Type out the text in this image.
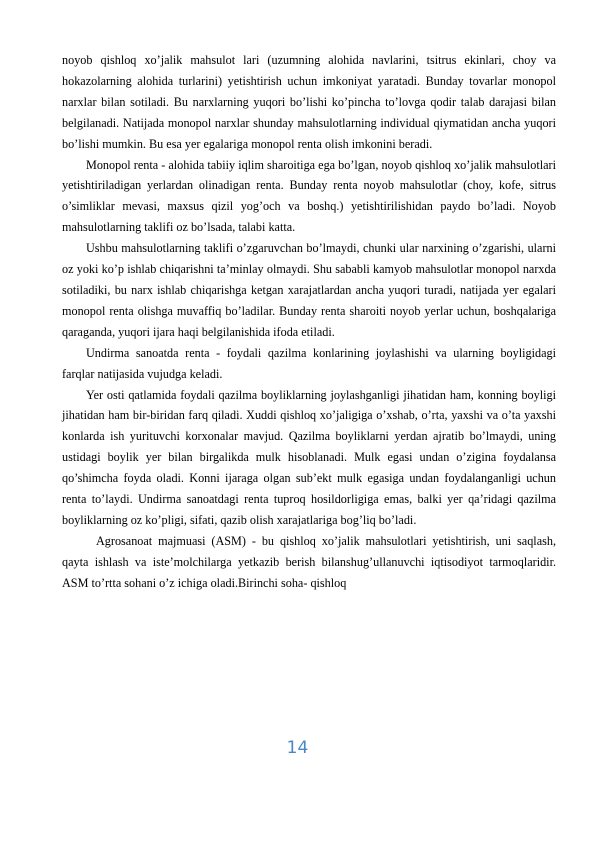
noyob qishloq xo’jalik mahsulot lari (uzumning alohida navlarini, tsitrus ekinlari, choy va hokazolarning alohida turlarini) yetishtirish uchun imkoniyat yaratadi. Bunday tovarlar monopol narxlar bilan sotiladi. Bu narxlarning yuqori bo’lishi ko’pincha to’lovga qodir talab darajasi bilan belgilanadi. Natijada monopol narxlar shunday mahsulotlarning individual qiymatidan ancha yuqori bo’lishi mumkin. Bu esa yer egalariga monopol renta olish imkonini beradi.

Monopol renta - alohida tabiiy iqlim sharoitiga ega bo’lgan, noyob qishloq xo’jalik mahsulotlari yetishtiriladigan yerlardan olinadigan renta. Bunday renta noyob mahsulotlar (choy, kofe, sitrus o’simliklar mevasi, maxsus qizil yog’och va boshq.) yetishtirilishidan paydo bo’ladi. Noyob mahsulotlarning taklifi oz bo’lsada, talabi katta.

Ushbu mahsulotlarning taklifi o’zgaruvchan bo’lmaydi, chunki ular narxining o’zgarishi, ularni oz yoki ko’p ishlab chiqarishni ta’minlay olmaydi. Shu sababli kamyob mahsulotlar monopol narxda sotiladiki, bu narx ishlab chiqarishga ketgan xarajatlardan ancha yuqori turadi, natijada yer egalari monopol renta olishga muvaffiq bo’ladilar. Bunday renta sharoiti noyob yerlar uchun, boshqalariga qaraganda, yuqori ijara haqi belgilanishida ifoda etiladi.

Undirma sanoatda renta - foydali qazilma konlarining joylashishi va ularning boyligidagi farqlar natijasida vujudga keladi.

Yer osti qatlamida foydali qazilma boyliklarning joylashganligi jihatidan ham, konning boyligi jihatidan ham bir-biridan farq qiladi. Xuddi qishloq xo’jaligiga o’xshab, o’rta, yaxshi va o’ta yaxshi konlarda ish yurituvchi korxonalar mavjud. Qazilma boyliklarni yerdan ajratib bo’lmaydi, uning ustidagi boylik yer bilan birgalikda mulk hisoblanadi. Mulk egasi undan o’zigina foydalansa qo’shimcha foyda oladi. Konni ijaraga olgan sub’ekt mulk egasiga undan foydalanganligi uchun renta to’laydi. Undirma sanoatdagi renta tuproq hosildorligiga emas, balki yer qa’ridagi qazilma boyliklarning oz ko’pligi, sifati, qazib olish xarajatlariga bog’liq bo’ladi.

Agrosanoat majmuasi (ASM) - bu qishloq xo’jalik mahsulotlari yetishtirish, uni saqlash, qayta ishlash va iste’molchilarga yetkazib berish bilanshug’ullanuvchi iqtisodiyot tarmoqlaridir. ASM to’rtta sohani o’z ichiga oladi.Birinchi soha- qishloq

14
